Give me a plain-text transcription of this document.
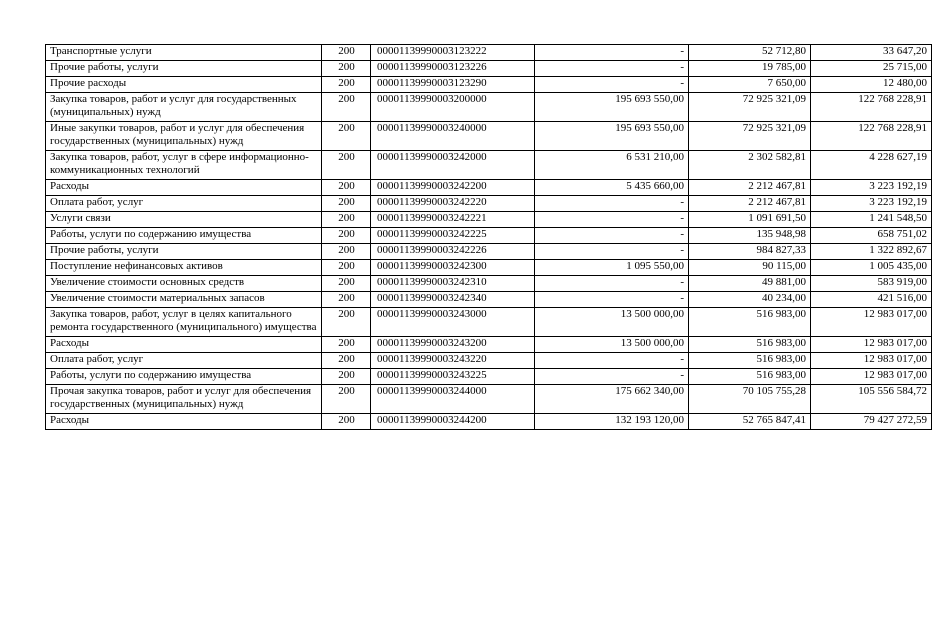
Транспортные услуги	200	00001139990003123222	-	52 712,80	33 647,20
Прочие работы, услуги	200	00001139990003123226	-	19 785,00	25 715,00
Прочие расходы	200	00001139990003123290	-	7 650,00	12 480,00
Закупка товаров, работ и услуг для государственных (муниципальных) нужд	200	00001139990003200000	195 693 550,00	72 925 321,09	122 768 228,91
Иные закупки товаров, работ и услуг для обеспечения государственных (муниципальных) нужд	200	00001139990003240000	195 693 550,00	72 925 321,09	122 768 228,91
Закупка товаров, работ, услуг в сфере информационно-коммуникационных технологий	200	00001139990003242000	6 531 210,00	2 302 582,81	4 228 627,19
Расходы	200	00001139990003242200	5 435 660,00	2 212 467,81	3 223 192,19
Оплата работ, услуг	200	00001139990003242220	-	2 212 467,81	3 223 192,19
Услуги связи	200	00001139990003242221	-	1 091 691,50	1 241 548,50
Работы, услуги по содержанию имущества	200	00001139990003242225	-	135 948,98	658 751,02
Прочие работы, услуги	200	00001139990003242226	-	984 827,33	1 322 892,67
Поступление нефинансовых активов	200	00001139990003242300	1 095 550,00	90 115,00	1 005 435,00
Увеличение стоимости основных средств	200	00001139990003242310	-	49 881,00	583 919,00
Увеличение стоимости материальных запасов	200	00001139990003242340	-	40 234,00	421 516,00
Закупка товаров, работ, услуг в целях капитального ремонта государственного (муниципального) имущества	200	00001139990003243000	13 500 000,00	516 983,00	12 983 017,00
Расходы	200	00001139990003243200	13 500 000,00	516 983,00	12 983 017,00
Оплата работ, услуг	200	00001139990003243220	-	516 983,00	12 983 017,00
Работы, услуги по содержанию имущества	200	00001139990003243225	-	516 983,00	12 983 017,00
Прочая закупка товаров, работ и услуг для обеспечения государственных (муниципальных) нужд	200	00001139990003244000	175 662 340,00	70 105 755,28	105 556 584,72
Расходы	200	00001139990003244200	132 193 120,00	52 765 847,41	79 427 272,59
